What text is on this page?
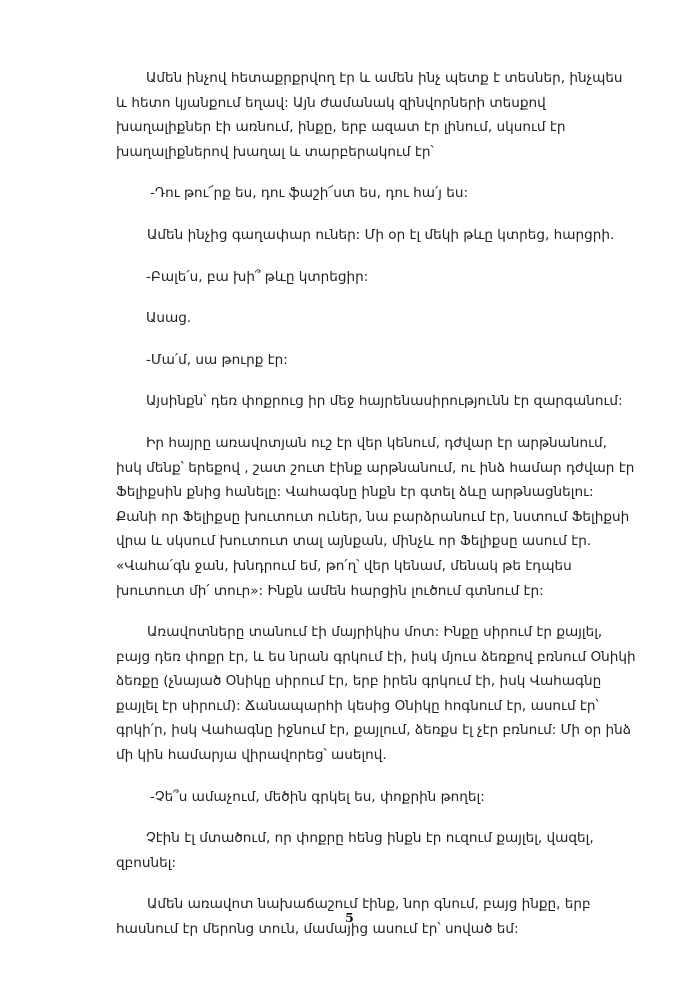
Ամեն ինչով հետաքրքրվող էր և ամեն ինչ պետք է տեսներ, ինչպես և հետո կյանքում եղավ: Այն ժամանակ զինվորների տեսքով խաղալիքներ էի առնում, ինքը, երբ ազատ էր լինում, սկսում էր խաղալիքներով խաղալ և տարբերակում էր՝

-Դու թու՜րք ես, դու ֆաշի՜ստ ես, դու հա՛յ ես:

Ամեն ինչից գաղափար ուներ: Մի օր էլ մեկի թևը կտրեց, հարցրի.

-Բալե՛ս, բա խի՞ թևը կտրեցիր:

Ասաց.

-Մա՛մ, սա թուրք էր:

Այսինքն՝ դեռ փոքրուց իր մեջ հայրենասիրությունն էր զարգանում:

Իր հայրը առավոտյան ուշ էր վեր կենում, դժվար էր արթնանում, իսկ մենք՝ երեքով , շատ շուտ էինք արթնանում, ու ինձ համար դժվար էր Ֆելիքսին քնից հանելը: Վահագնը ինքն էր գտել ձևը արթնացնելու: Քանի որ Ֆելիքսը խուտուտ ուներ, նա բարձրանում էր, նստում Ֆելիքսի վրա և սկսում խուտուտ տալ այնքան, մինչև որ Ֆելիքսը ասում էր. «Վահա՛գն ջան, խնդրում եմ, թո՛ղ՝ վեր կենամ, մենակ թե էդպես խուտուտ մի՛ տուր»: Ինքն ամեն հարցին լուծում գտնում էր:

Առավոտները տանում էի մայրիկիս մոտ: Ինքը սիրում էր քայլել, բայց դեռ փոքր էր, և ես նրան գրկում էի, իսկ մյուս ձեռքով բռնում Օնիկի ձեռքը (չնայած Օնիկը սիրում էր, երբ իրեն գրկում էի, իսկ Վահագնը քայլել էր սիրում): Ճանապարհի կեսից Օնիկը հոգնում էր, ասում էր՝ գրկի՛ր, իսկ Վահագնը իջնում էր, քայլում, ձեռքս էլ չէր բռնում: Մի օր ինձ մի կին համարյա վիրավորեց՝ ասելով.

-Չե՞ս ամաչում, մեծին գրկել ես, փոքրին թողել:

Չէին էլ մտածում, որ փոքրը հենց ինքն էր ուզում քայլել, վազել, զբոսնել:

Ամեն առավոտ նախաճաշում էինք, նոր գնում, բայց ինքը, երբ հասնում էր մերոնց տուն, մամայից ասում էր՝ սոված եմ:

5
